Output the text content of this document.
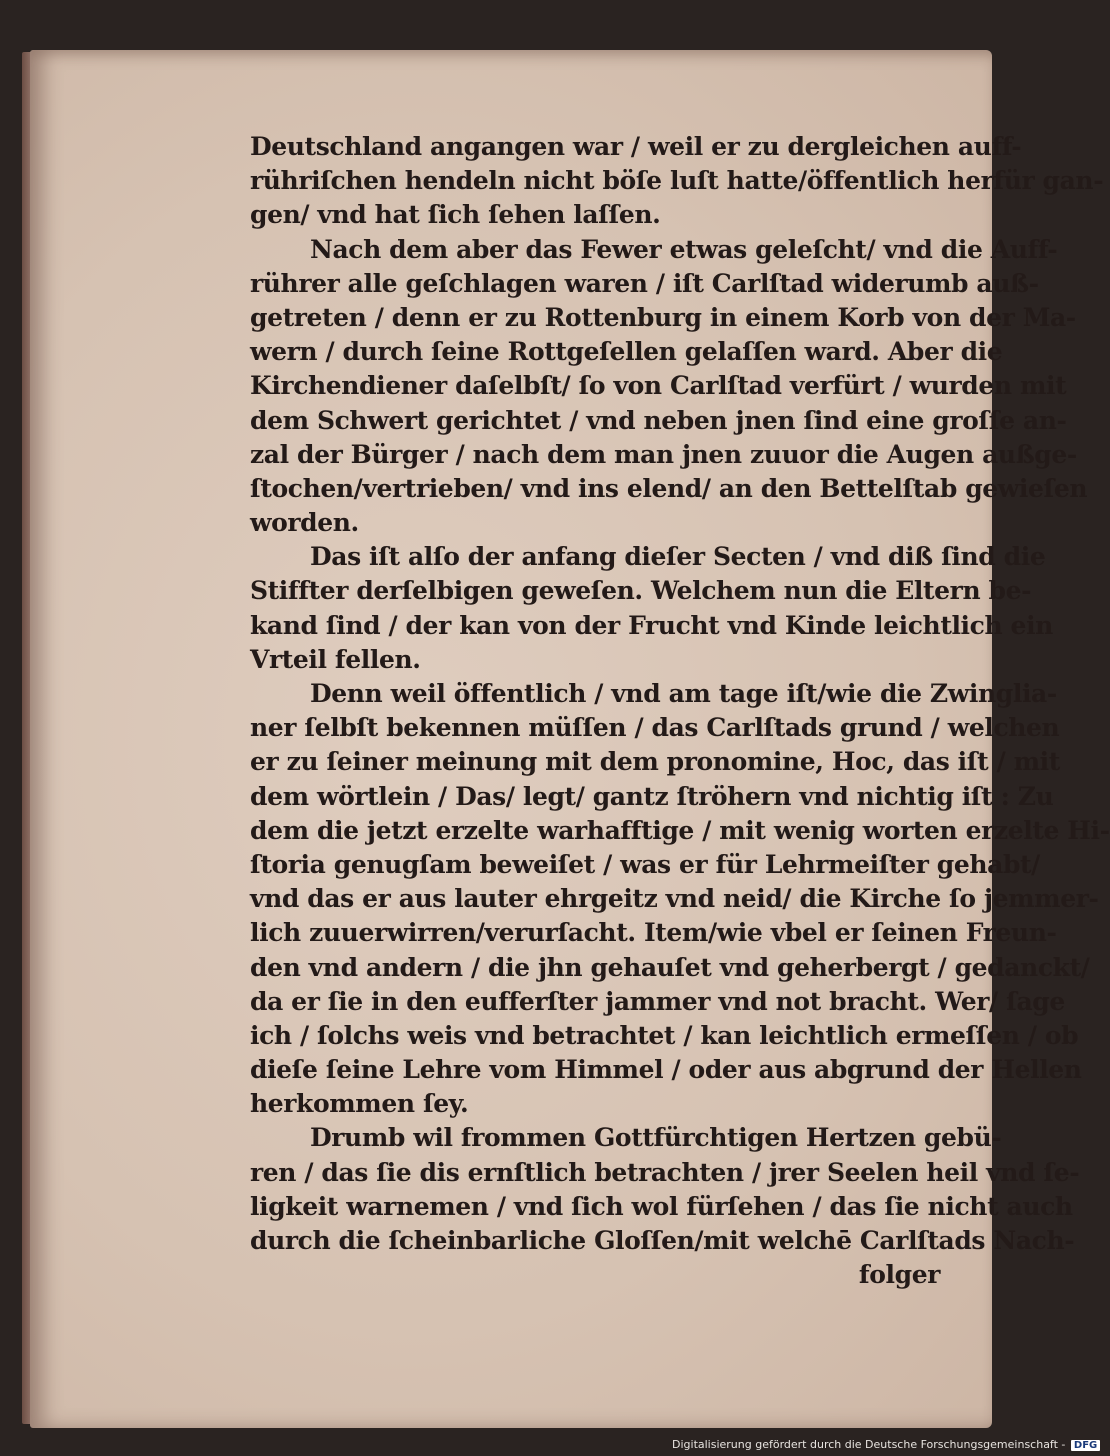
Deutschland angangen war / weil er zu dergleichen auff-
rühriſchen hendeln nicht böſe luſt hatte/öffentlich herfür gan-
gen/ vnd hat ſich ſehen laſſen.
Nach dem aber das Fewer etwas geleſcht/ vnd die Auff-
rührer alle geſchlagen waren / iſt Carlſtad widerumb auß-
getreten / denn er zu Rottenburg in einem Korb von der Ma-
wern / durch ſeine Rottgeſellen gelaſſen ward. Aber die
Kirchendiener daſelbſt/ ſo von Carlſtad verfürt / wurden mit
dem Schwert gerichtet / vnd neben jnen ſind eine groſſe an-
zal der Bürger / nach dem man jnen zuuor die Augen außge-
ſtochen/vertrieben/ vnd ins elend/ an den Bettelſtab gewieſen
worden.
Das iſt alſo der anfang dieſer Secten / vnd diß ſind die
Stiffter derſelbigen geweſen. Welchem nun die Eltern be-
kand ſind / der kan von der Frucht vnd Kinde leichtlich ein
Vrteil fellen.
Denn weil öffentlich / vnd am tage iſt/wie die Zwinglia-
ner ſelbſt bekennen müſſen / das Carlſtads grund / welchen
er zu ſeiner meinung mit dem pronomine, Hoc, das iſt / mit
dem wörtlein / Das/ legt/ gantz ſtröhern vnd nichtig iſt : Zu
dem die jetzt erzelte warhafftige / mit wenig worten erzelte Hi-
ſtoria genugſam beweiſet / was er für Lehrmeiſter gehabt/
vnd das er aus lauter ehrgeitz vnd neid/ die Kirche ſo jemmer-
lich zuuerwirren/verurſacht. Item/wie vbel er ſeinen Freun-
den vnd andern / die jhn gehauſet vnd geherbergt / gedanckt/
da er ſie in den eufferſter jammer vnd not bracht. Wer/ ſage
ich / ſolchs weis vnd betrachtet / kan leichtlich ermeſſen / ob
dieſe ſeine Lehre vom Himmel / oder aus abgrund der Hellen
herkommen ſey.
Drumb wil frommen Gottfürchtigen Hertzen gebü-
ren / das ſie dis ernſtlich betrachten / jrer Seelen heil vnd ſe-
ligkeit warnemen / vnd ſich wol fürſehen / das ſie nicht auch
durch die ſcheinbarliche Gloſſen/mit welchē Carlſtads Nach-
folger
Digitalisierung gefördert durch die Deutsche Forschungsgemeinschaft - DFG
